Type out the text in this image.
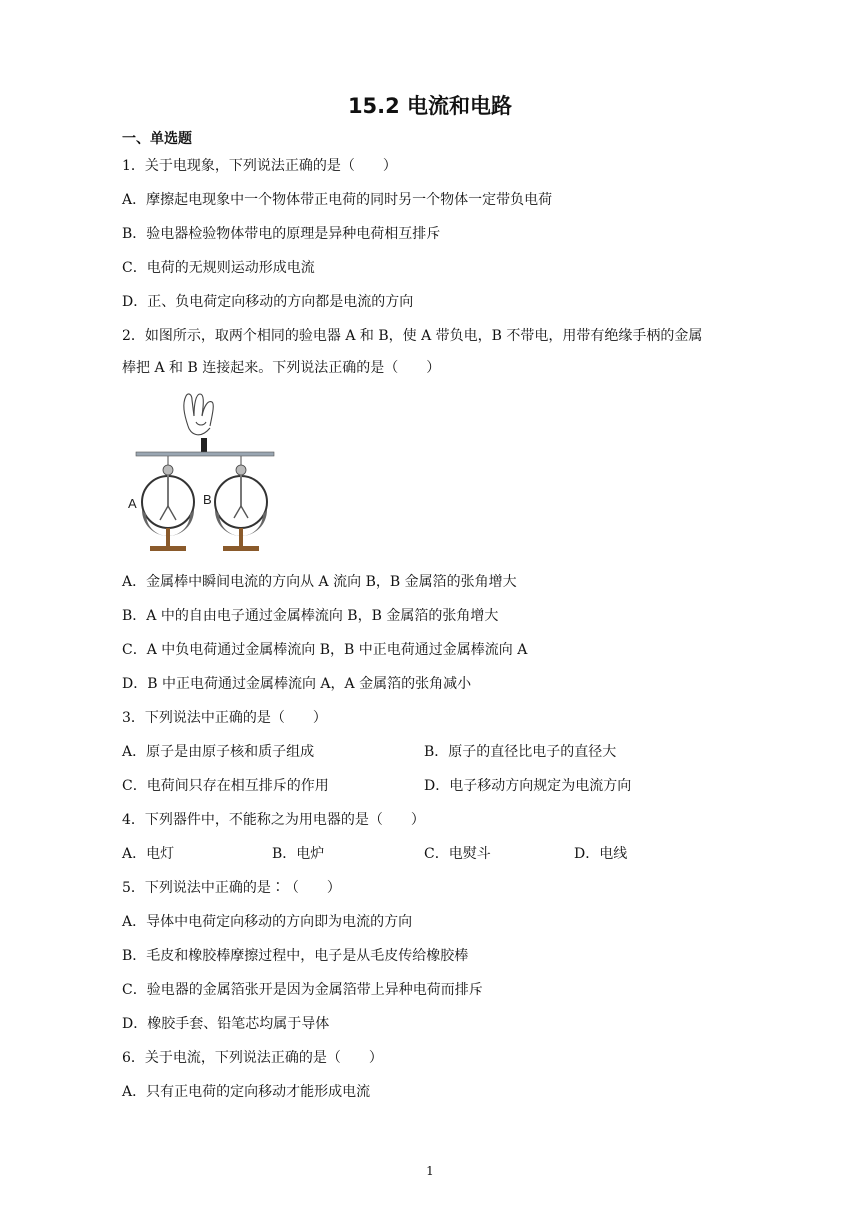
15.2 电流和电路
一、单选题
1．关于电现象，下列说法正确的是（　　）
A．摩擦起电现象中一个物体带正电荷的同时另一个物体一定带负电荷
B．验电器检验物体带电的原理是异种电荷相互排斥
C．电荷的无规则运动形成电流
D．正、负电荷定向移动的方向都是电流的方向
2．如图所示，取两个相同的验电器 A 和 B，使 A 带负电，B 不带电，用带有绝缘手柄的金属
棒把 A 和 B 连接起来。下列说法正确的是（　　）
A	B
A．金属棒中瞬间电流的方向从 A 流向 B，B 金属箔的张角增大
B．A 中的自由电子通过金属棒流向 B，B 金属箔的张角增大
C．A 中负电荷通过金属棒流向 B，B 中正电荷通过金属棒流向 A
D．B 中正电荷通过金属棒流向 A，A 金属箔的张角减小
3．下列说法中正确的是（　　）
A．原子是由原子核和质子组成	B．原子的直径比电子的直径大
C．电荷间只存在相互排斥的作用	D．电子移动方向规定为电流方向
4．下列器件中，不能称之为用电器的是（　　）
A．电灯	B．电炉	C．电熨斗	D．电线
5．下列说法中正确的是∶（　　）
A．导体中电荷定向移动的方向即为电流的方向
B．毛皮和橡胶棒摩擦过程中，电子是从毛皮传给橡胶棒
C．验电器的金属箔张开是因为金属箔带上异种电荷而排斥
D．橡胶手套、铅笔芯均属于导体
6．关于电流，下列说法正确的是（　　）
A．只有正电荷的定向移动才能形成电流
1
